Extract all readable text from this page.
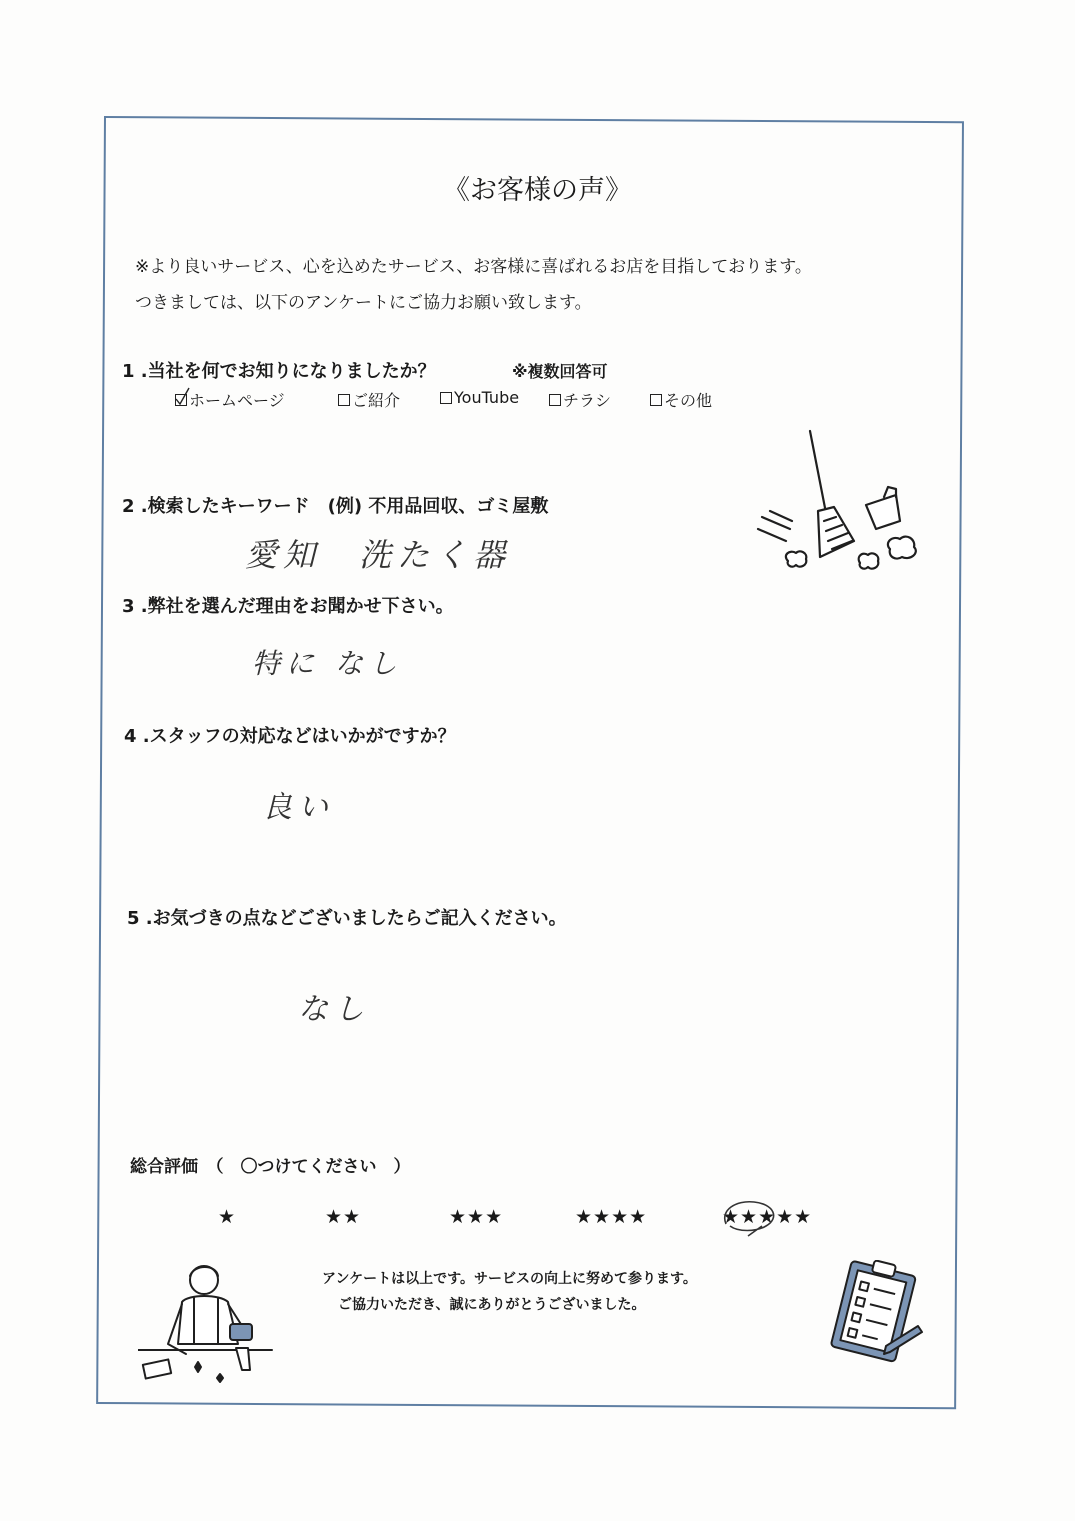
《お客様の声》
※より良いサービス、心を込めたサービス、お客様に喜ばれるお店を目指しております。
つきましては、以下のアンケートにご協力お願い致します。
1 .当社を何でお知りになりましたか？	※複数回答可
ホームページ	ご紹介	YouTube	チラシ	その他
2 .検索したキーワード　(例) 不用品回収、ゴミ屋敷
愛知　洗たく器
3 .弊社を選んだ理由をお聞かせ下さい。
特に なし
4 .スタッフの対応などはいかがですか？
良い
5 .お気づきの点などございましたらご記入ください。
なし
総合評価　（　〇つけてください　）
★	★★	★★★	★★★★	★★★★★
アンケートは以上です。サービスの向上に努めて参ります。
ご協力いただき、誠にありがとうございました。
